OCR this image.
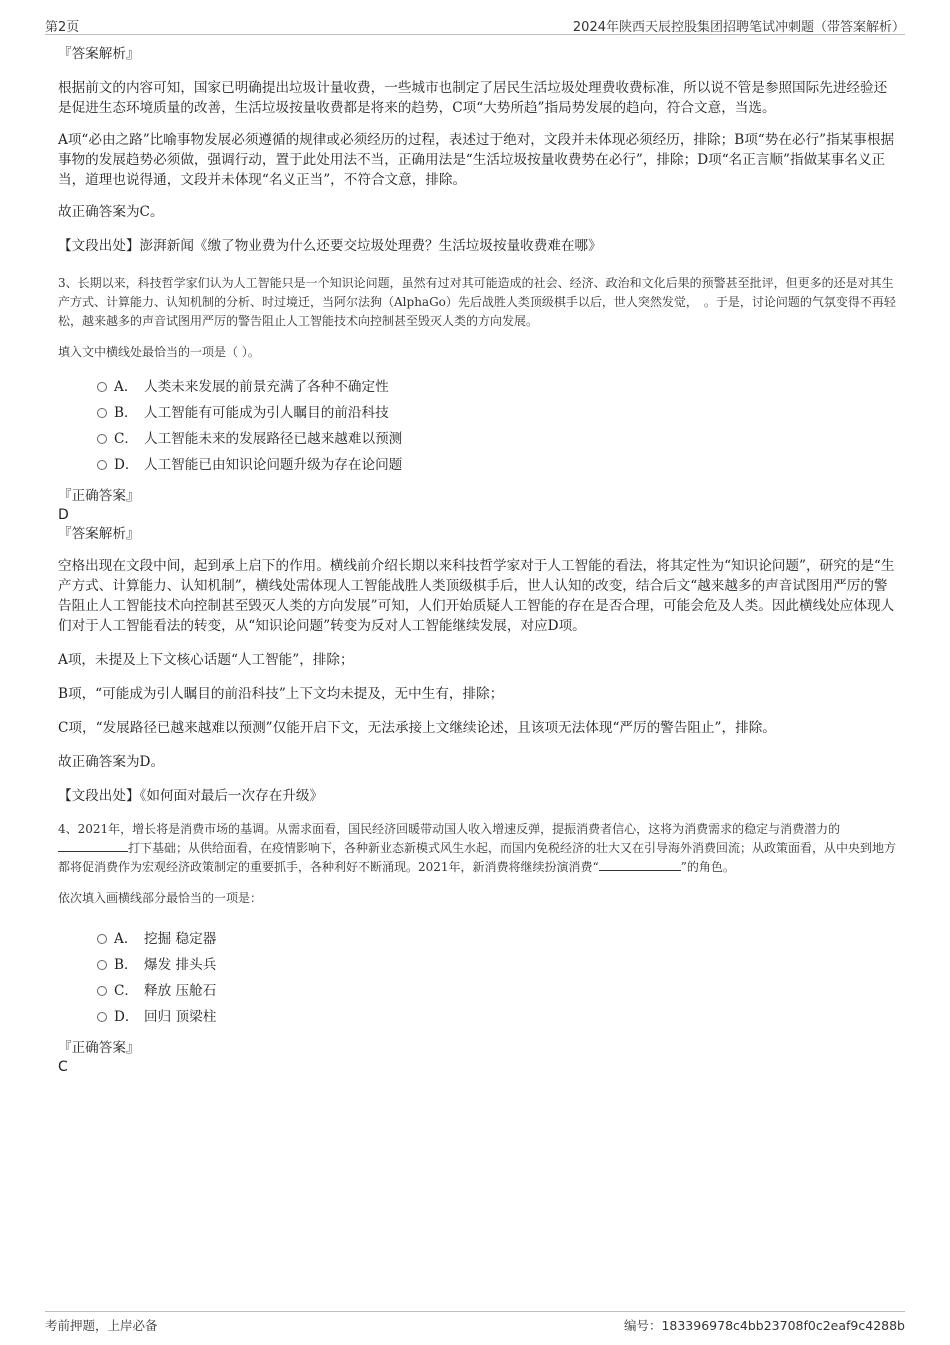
第2页	2024年陕西天辰控股集团招聘笔试冲刺题（带答案解析）

『答案解析』

根据前文的内容可知，国家已明确提出垃圾计量收费，一些城市也制定了居民生活垃圾处理费收费标准，所以说不管是参照国际先进经验还是促进生态环境质量的改善，生活垃圾按量收费都是将来的趋势，C项“大势所趋”指局势发展的趋向，符合文意，当选。

A项“必由之路”比喻事物发展必须遵循的规律或必须经历的过程，表述过于绝对，文段并未体现必须经历，排除；B项“势在必行”指某事根据事物的发展趋势必须做，强调行动，置于此处用法不当，正确用法是“生活垃圾按量收费势在必行”，排除；D项“名正言顺”指做某事名义正当，道理也说得通，文段并未体现“名义正当”，不符合文意，排除。

故正确答案为C。

【文段出处】澎湃新闻《缴了物业费为什么还要交垃圾处理费？生活垃圾按量收费难在哪》

3、长期以来，科技哲学家们认为人工智能只是一个知识论问题，虽然有过对其可能造成的社会、经济、政治和文化后果的预警甚至批评，但更多的还是对其生产方式、计算能力、认知机制的分析、时过境迁，当阿尔法狗（AlphaGo）先后战胜人类顶级棋手以后，世人突然发觉，　。于是，讨论问题的气氛变得不再轻松，越来越多的声音试图用严厉的警告阻止人工智能技术向控制甚至毁灭人类的方向发展。

填入文中横线处最恰当的一项是（ ）。

A． 人类未来发展的前景充满了各种不确定性
B． 人工智能有可能成为引人瞩目的前沿科技
C． 人工智能未来的发展路径已越来越难以预测
D． 人工智能已由知识论问题升级为存在论问题

『正确答案』

D

『答案解析』

空格出现在文段中间，起到承上启下的作用。横线前介绍长期以来科技哲学家对于人工智能的看法，将其定性为“知识论问题”，研究的是“生产方式、计算能力、认知机制”，横线处需体现人工智能战胜人类顶级棋手后，世人认知的改变，结合后文“越来越多的声音试图用严厉的警告阻止人工智能技术向控制甚至毁灭人类的方向发展”可知，人们开始质疑人工智能的存在是否合理，可能会危及人类。因此横线处应体现人们对于人工智能看法的转变，从“知识论问题”转变为反对人工智能继续发展，对应D项。

A项，未提及上下文核心话题“人工智能”，排除；

B项，“可能成为引人瞩目的前沿科技”上下文均未提及，无中生有，排除；

C项，“发展路径已越来越难以预测”仅能开启下文，无法承接上文继续论述，且该项无法体现“严厉的警告阻止”，排除。

故正确答案为D。

【文段出处】《如何面对最后一次存在升级》

4、2021年，增长将是消费市场的基调。从需求面看，国民经济回暖带动国人收入增速反弹，提振消费者信心，这将为消费需求的稳定与消费潜力的打下基础；从供给面看，在疫情影响下，各种新业态新模式风生水起，而国内免税经济的壮大又在引导海外消费回流；从政策面看，从中央到地方都将促消费作为宏观经济政策制定的重要抓手，各种利好不断涌现。2021年，新消费将继续扮演消费“	”的角色。

依次填入画横线部分最恰当的一项是：

A． 挖掘 稳定器
B． 爆发 排头兵
C． 释放 压舱石
D． 回归 顶梁柱

『正确答案』

C

考前押题，上岸必备	编号：183396978c4bb23708f0c2eaf9c4288b
